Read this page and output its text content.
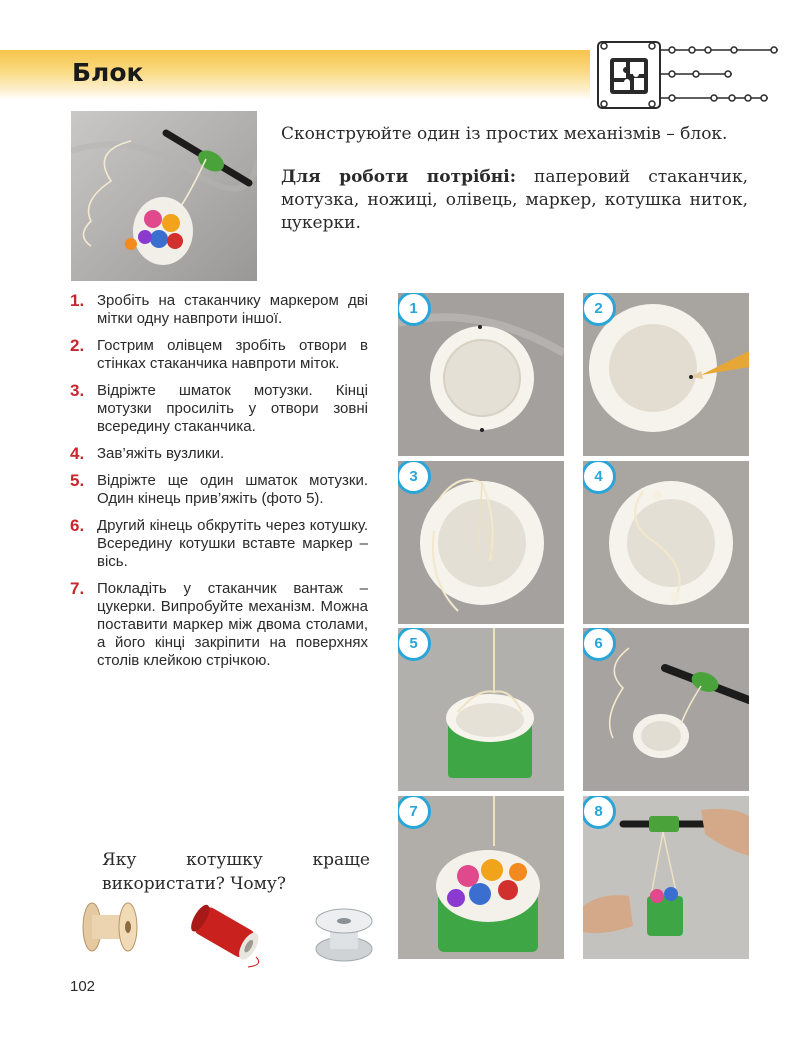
Блок

Сконструюйте один із простих механізмів – блок.

Для роботи потрібні: паперовий стаканчик, мотузка, ножиці, олівець, маркер, котушка ниток, цукерки.

1. Зробіть на стаканчику маркером дві мітки одну навпроти іншої.
2. Гострим олівцем зробіть отвори в стінках стаканчика навпроти міток.
3. Відріжте шматок мотузки. Кінці мотузки просиліть у отвори зовні всередину стаканчика.
4. Зав’яжіть вузлики.
5. Відріжте ще один шматок мотузки. Один кінець прив’яжіть (фото 5).
6. Другий кінець обкрутіть через котушку. Всередину котушки вставте маркер – вісь.
7. Покладіть у стаканчик вантаж – цукерки. Випробуйте механізм. Можна поставити маркер між двома столами, а його кінці закріпити на поверхнях столів клейкою стрічкою.

Яку котушку краще використати? Чому?

102
1	2
3	4
5	6
7	8
